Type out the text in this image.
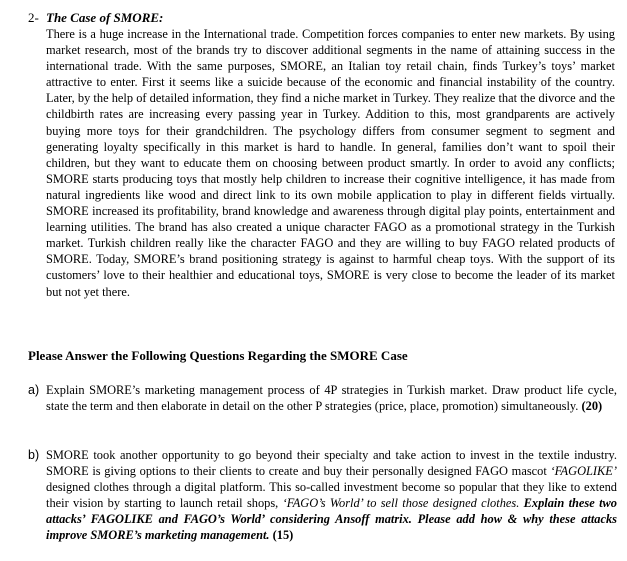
2- The Case of SMORE:
There is a huge increase in the International trade. Competition forces companies to enter new markets. By using market research, most of the brands try to discover additional segments in the name of attaining success in the international trade. With the same purposes, SMORE, an Italian toy retail chain, finds Turkey’s toys’ market attractive to enter. First it seems like a suicide because of the economic and financial instability of the country. Later, by the help of detailed information, they find a niche market in Turkey. They realize that the divorce and the childbirth rates are increasing every passing year in Turkey. Addition to this, most grandparents are actively buying more toys for their grandchildren. The psychology differs from consumer segment to segment and generating loyalty specifically in this market is hard to handle. In general, families don’t want to spoil their children, but they want to educate them on choosing between product smartly. In order to avoid any conflicts; SMORE starts producing toys that mostly help children to increase their cognitive intelligence, it has made from natural ingredients like wood and direct link to its own mobile application to play in different fields virtually. SMORE increased its profitability, brand knowledge and awareness through digital play points, entertainment and learning utilities. The brand has also created a unique character FAGO as a promotional strategy in the Turkish market. Turkish children really like the character FAGO and they are willing to buy FAGO related products of SMORE. Today, SMORE’s brand positioning strategy is against to harmful cheap toys. With the support of its customers’ love to their healthier and educational toys, SMORE is very close to become the leader of its market but not yet there.
Please Answer the Following Questions Regarding the SMORE Case
a) Explain SMORE’s marketing management process of 4P strategies in Turkish market. Draw product life cycle, state the term and then elaborate in detail on the other P strategies (price, place, promotion) simultaneously. (20)
b) SMORE took another opportunity to go beyond their specialty and take action to invest in the textile industry. SMORE is giving options to their clients to create and buy their personally designed FAGO mascot ‘FAGOLIKE’ designed clothes through a digital platform. This so-called investment become so popular that they like to extend their vision by starting to launch retail shops, ‘FAGO’s World’ to sell those designed clothes. Explain these two attacks’ FAGOLIKE and FAGO’s World’ considering Ansoff matrix. Please add how & why these attacks improve SMORE’s marketing management. (15)
